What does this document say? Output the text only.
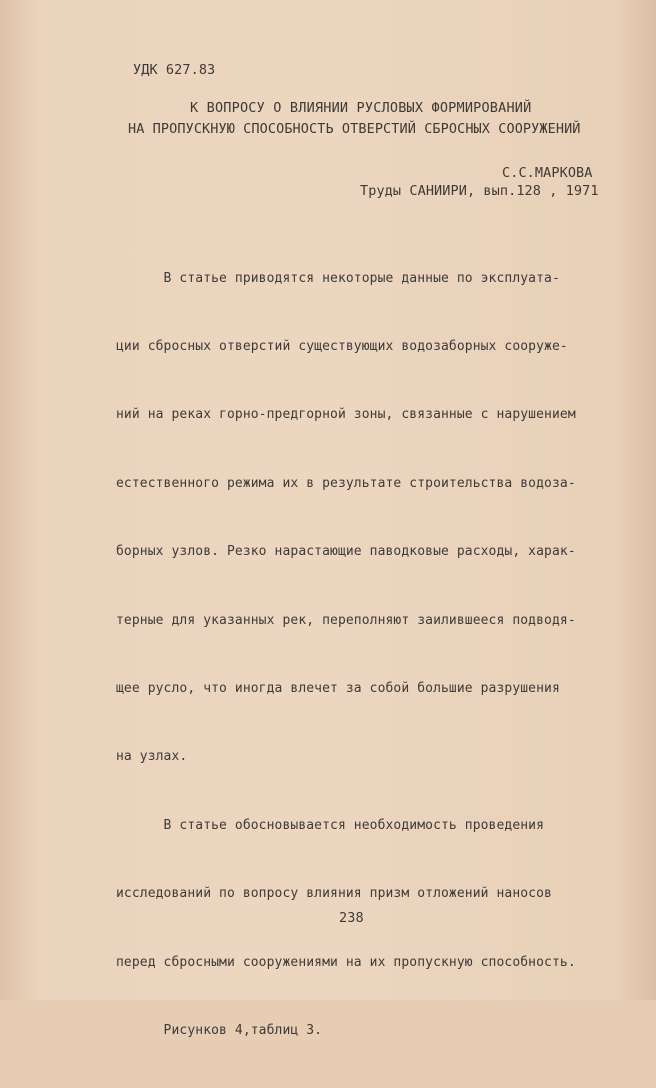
УДК 627.83
К ВОПРОСУ О ВЛИЯНИИ РУСЛОВЫХ ФОРМИРОВАНИЙ
НА ПРОПУСКНУЮ СПОСОБНОСТЬ ОТВЕРСТИЙ СБРОСНЫХ СООРУЖЕНИЙ
С.С.МАРКОВА
Труды САНИИРИ, вып.128 , 1971

В статье приводятся некоторые данные по эксплуата-

ции сбросных отверстий существующих водозаборных сооруже-

ний на реках горно-предгорной зоны, связанные с нарушением

естественного режима их в результате строительства водоза-

борных узлов. Резко нарастающие паводковые расходы, харак-

терные для указанных рек, переполняют заилившееся подводя-

щее русло, что иногда влечет за собой большие разрушения

на узлах.

В статье обосновывается необходимость проведения

исследований по вопросу влияния призм отложений наносов

перед сбросными сооружениями на их пропускную способность.

Рисунков 4,таблиц 3.

238
